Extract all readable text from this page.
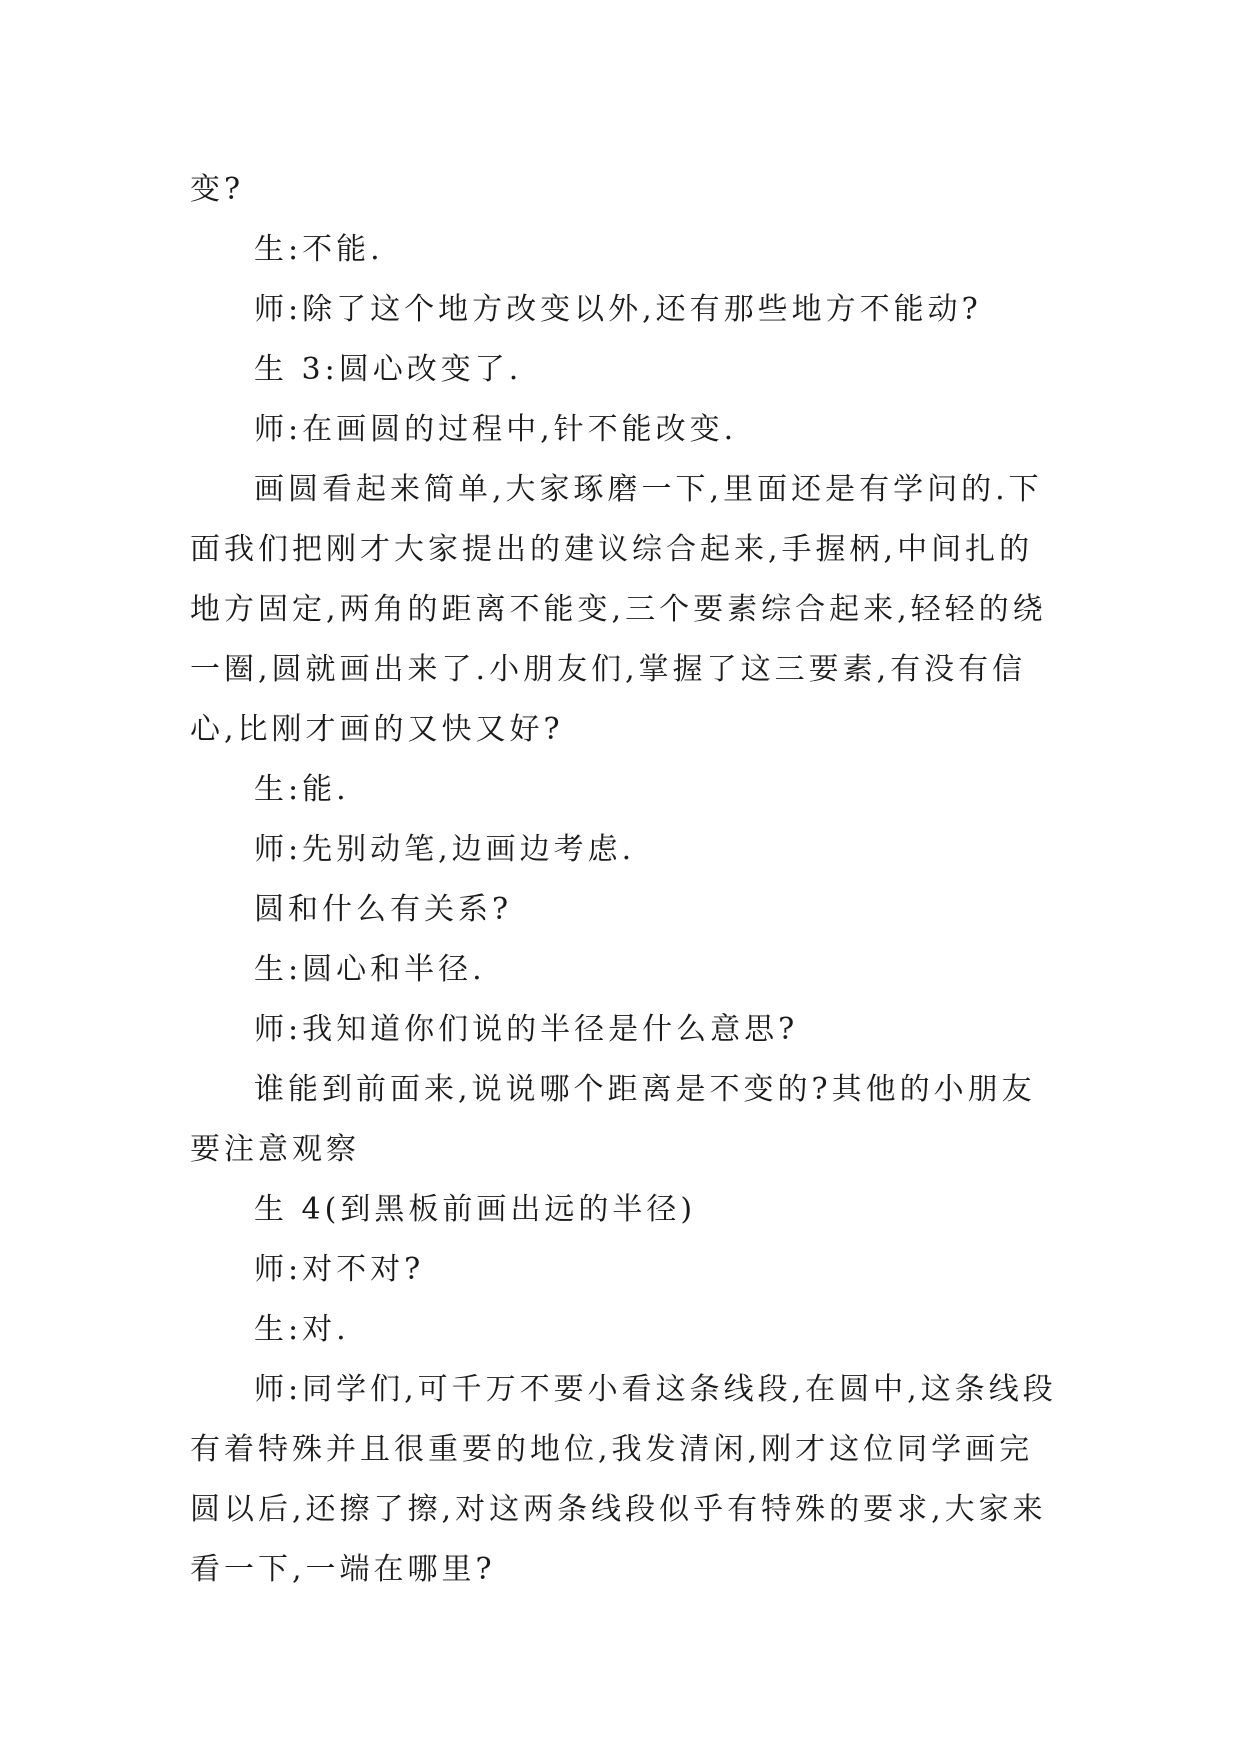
变?

生:不能.

师:除了这个地方改变以外,还有那些地方不能动?

生 3:圆心改变了.

师:在画圆的过程中,针不能改变.

画圆看起来简单,大家琢磨一下,里面还是有学问的.下面我们把刚才大家提出的建议综合起来,手握柄,中间扎的地方固定,两角的距离不能变,三个要素综合起来,轻轻的绕一圈,圆就画出来了.小朋友们,掌握了这三要素,有没有信心,比刚才画的又快又好?

生:能.

师:先别动笔,边画边考虑.

圆和什么有关系?

生:圆心和半径.

师:我知道你们说的半径是什么意思?

谁能到前面来,说说哪个距离是不变的?其他的小朋友要注意观察

生 4(到黑板前画出远的半径)

师:对不对?

生:对.

师:同学们,可千万不要小看这条线段,在圆中,这条线段有着特殊并且很重要的地位,我发清闲,刚才这位同学画完圆以后,还擦了擦,对这两条线段似乎有特殊的要求,大家来看一下,一端在哪里?
